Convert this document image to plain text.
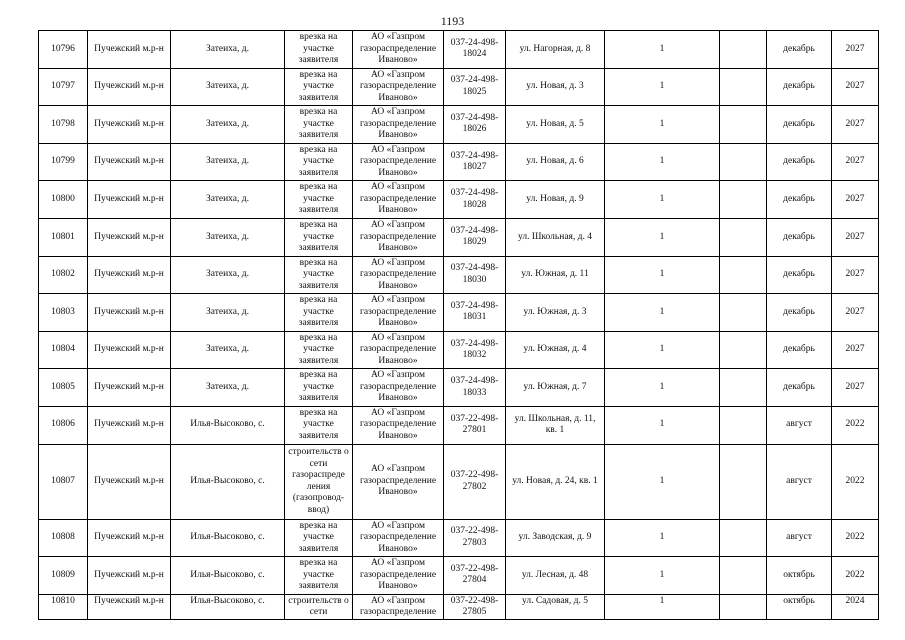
1193
10796	Пучежский м.р-н	Затеиха, д.	врезка на участке заявителя	АО «Газпром газораспределение Иваново»	037-24-498-18024	ул. Нагорная, д. 8	1		декабрь	2027
10797	Пучежский м.р-н	Затеиха, д.	врезка на участке заявителя	АО «Газпром газораспределение Иваново»	037-24-498-18025	ул. Новая, д. 3	1		декабрь	2027
10798	Пучежский м.р-н	Затеиха, д.	врезка на участке заявителя	АО «Газпром газораспределение Иваново»	037-24-498-18026	ул. Новая, д. 5	1		декабрь	2027
10799	Пучежский м.р-н	Затеиха, д.	врезка на участке заявителя	АО «Газпром газораспределение Иваново»	037-24-498-18027	ул. Новая, д. 6	1		декабрь	2027
10800	Пучежский м.р-н	Затеиха, д.	врезка на участке заявителя	АО «Газпром газораспределение Иваново»	037-24-498-18028	ул. Новая, д. 9	1		декабрь	2027
10801	Пучежский м.р-н	Затеиха, д.	врезка на участке заявителя	АО «Газпром газораспределение Иваново»	037-24-498-18029	ул. Школьная, д. 4	1		декабрь	2027
10802	Пучежский м.р-н	Затеиха, д.	врезка на участке заявителя	АО «Газпром газораспределение Иваново»	037-24-498-18030	ул. Южная, д. 11	1		декабрь	2027
10803	Пучежский м.р-н	Затеиха, д.	врезка на участке заявителя	АО «Газпром газораспределение Иваново»	037-24-498-18031	ул. Южная, д. 3	1		декабрь	2027
10804	Пучежский м.р-н	Затеиха, д.	врезка на участке заявителя	АО «Газпром газораспределение Иваново»	037-24-498-18032	ул. Южная, д. 4	1		декабрь	2027
10805	Пучежский м.р-н	Затеиха, д.	врезка на участке заявителя	АО «Газпром газораспределение Иваново»	037-24-498-18033	ул. Южная, д. 7	1		декабрь	2027
10806	Пучежский м.р-н	Илья-Высоково, с.	врезка на участке заявителя	АО «Газпром газораспределение Иваново»	037-22-498-27801	ул. Школьная, д. 11, кв. 1	1		август	2022
10807	Пучежский м.р-н	Илья-Высоково, с.	строительств о сети газораспреде ления (газопровод-ввод)	АО «Газпром газораспределение Иваново»	037-22-498-27802	ул. Новая, д. 24, кв. 1	1		август	2022
10808	Пучежский м.р-н	Илья-Высоково, с.	врезка на участке заявителя	АО «Газпром газораспределение Иваново»	037-22-498-27803	ул. Заводская, д. 9	1		август	2022
10809	Пучежский м.р-н	Илья-Высоково, с.	врезка на участке заявителя	АО «Газпром газораспределение Иваново»	037-22-498-27804	ул. Лесная, д. 48	1		октябрь	2022
10810	Пучежский м.р-н	Илья-Высоково, с.	строительств о сети	АО «Газпром газораспределение	037-22-498-27805	ул. Садовая, д. 5	1		октябрь	2024
